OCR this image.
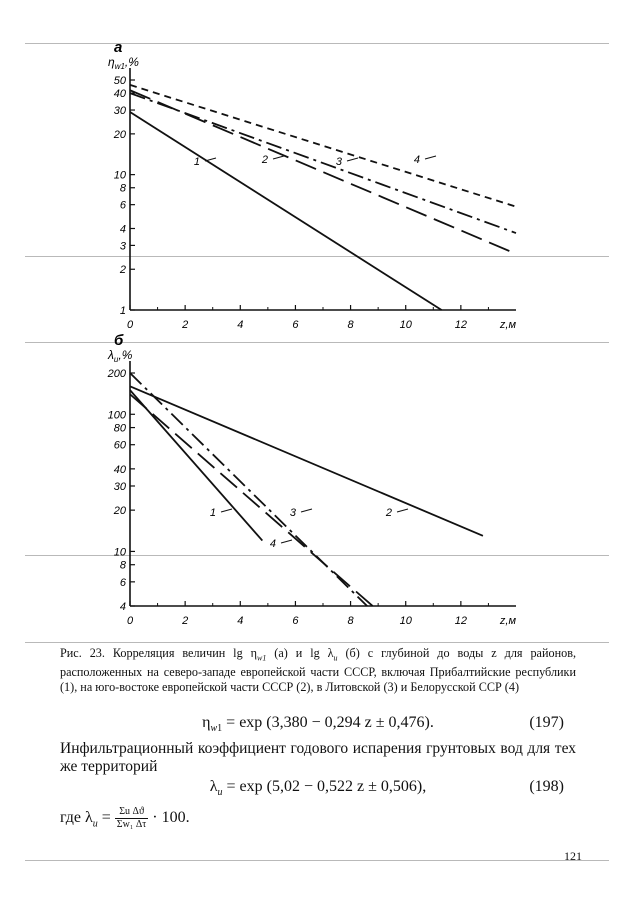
1
2
3
4
6
8
10
20
30
40
50
0	2	4	6	8	10	12	z,м
а
$\eta_{w1},\%$
1	2	3	4
4
6
8
10
20
30
40
60
80
100
200
0	2	4	6	8	10	12	z,м
б
$\lambda_u,\%$
1	2
3
4
Рис. 23. Корреляция величин $\lg \eta_{w1}$ (а) и $\lg \lambda_u$ (б) с глубиной до воды z для районов, расположенных на северо-западе европейской части СССР, включая Прибалтийские республики (1), на юго-востоке европейской части СССР (2), в Литовской (3) и Белорусской ССР (4)
$\eta_{w1} = \exp (3,380 - 0,294$ z ± 0,476).	(197)
Инфильтрационный коэффициент годового испарения грунтовых вод для тех же территорий
$\lambda_u = \exp (5,02 - 0,522$ z ± 0,506),	(198)
где $\lambda_u = \frac{\text{Σu Δϑ}}{\text{Σw₁ Δτ}} \cdot 100$.
121
